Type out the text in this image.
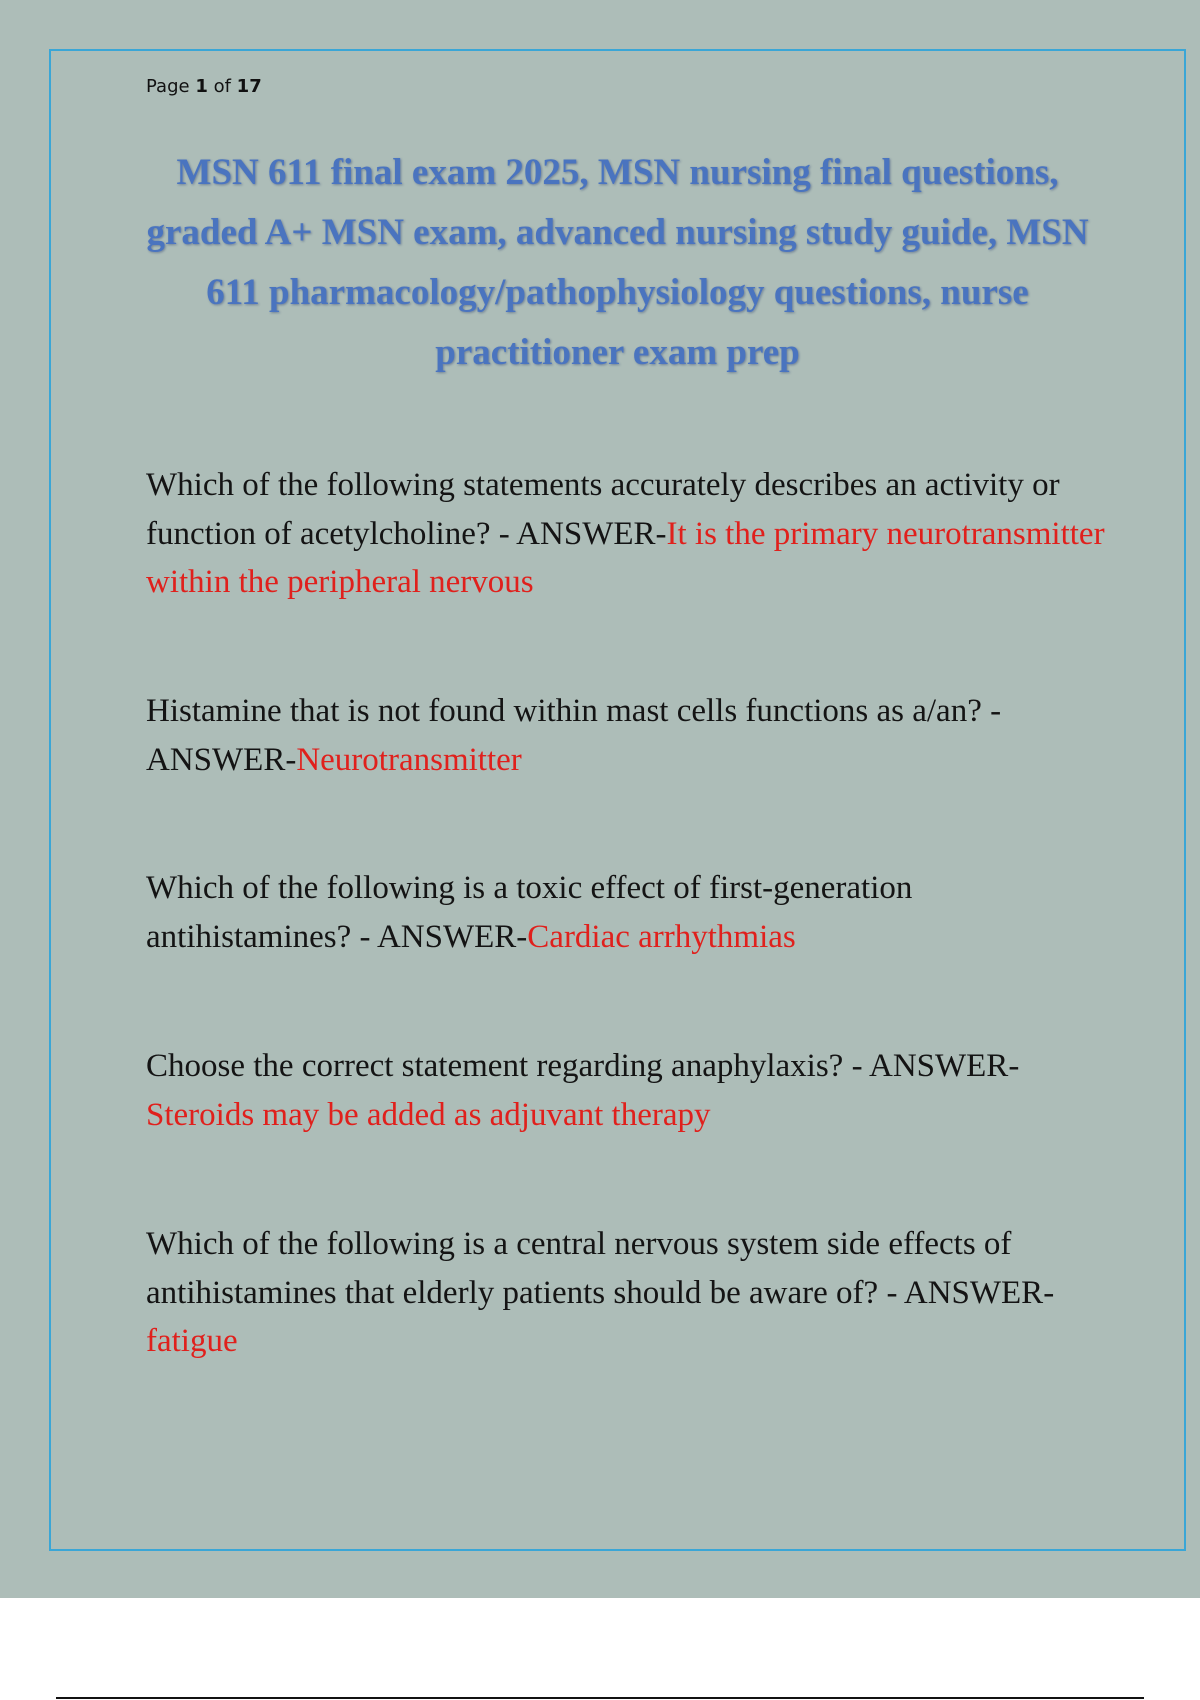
Page 1 of 17
MSN 611 final exam 2025, MSN nursing final questions, graded A+ MSN exam, advanced nursing study guide, MSN 611 pharmacology/pathophysiology questions, nurse practitioner exam prep
Which of the following statements accurately describes an activity or function of acetylcholine? - ANSWER-It is the primary neurotransmitter within the peripheral nervous
Histamine that is not found within mast cells functions as a/an? - ANSWER-Neurotransmitter
Which of the following is a toxic effect of first-generation antihistamines? - ANSWER-Cardiac arrhythmias
Choose the correct statement regarding anaphylaxis? - ANSWER-Steroids may be added as adjuvant therapy
Which of the following is a central nervous system side effects of antihistamines that elderly patients should be aware of? - ANSWER-fatigue
